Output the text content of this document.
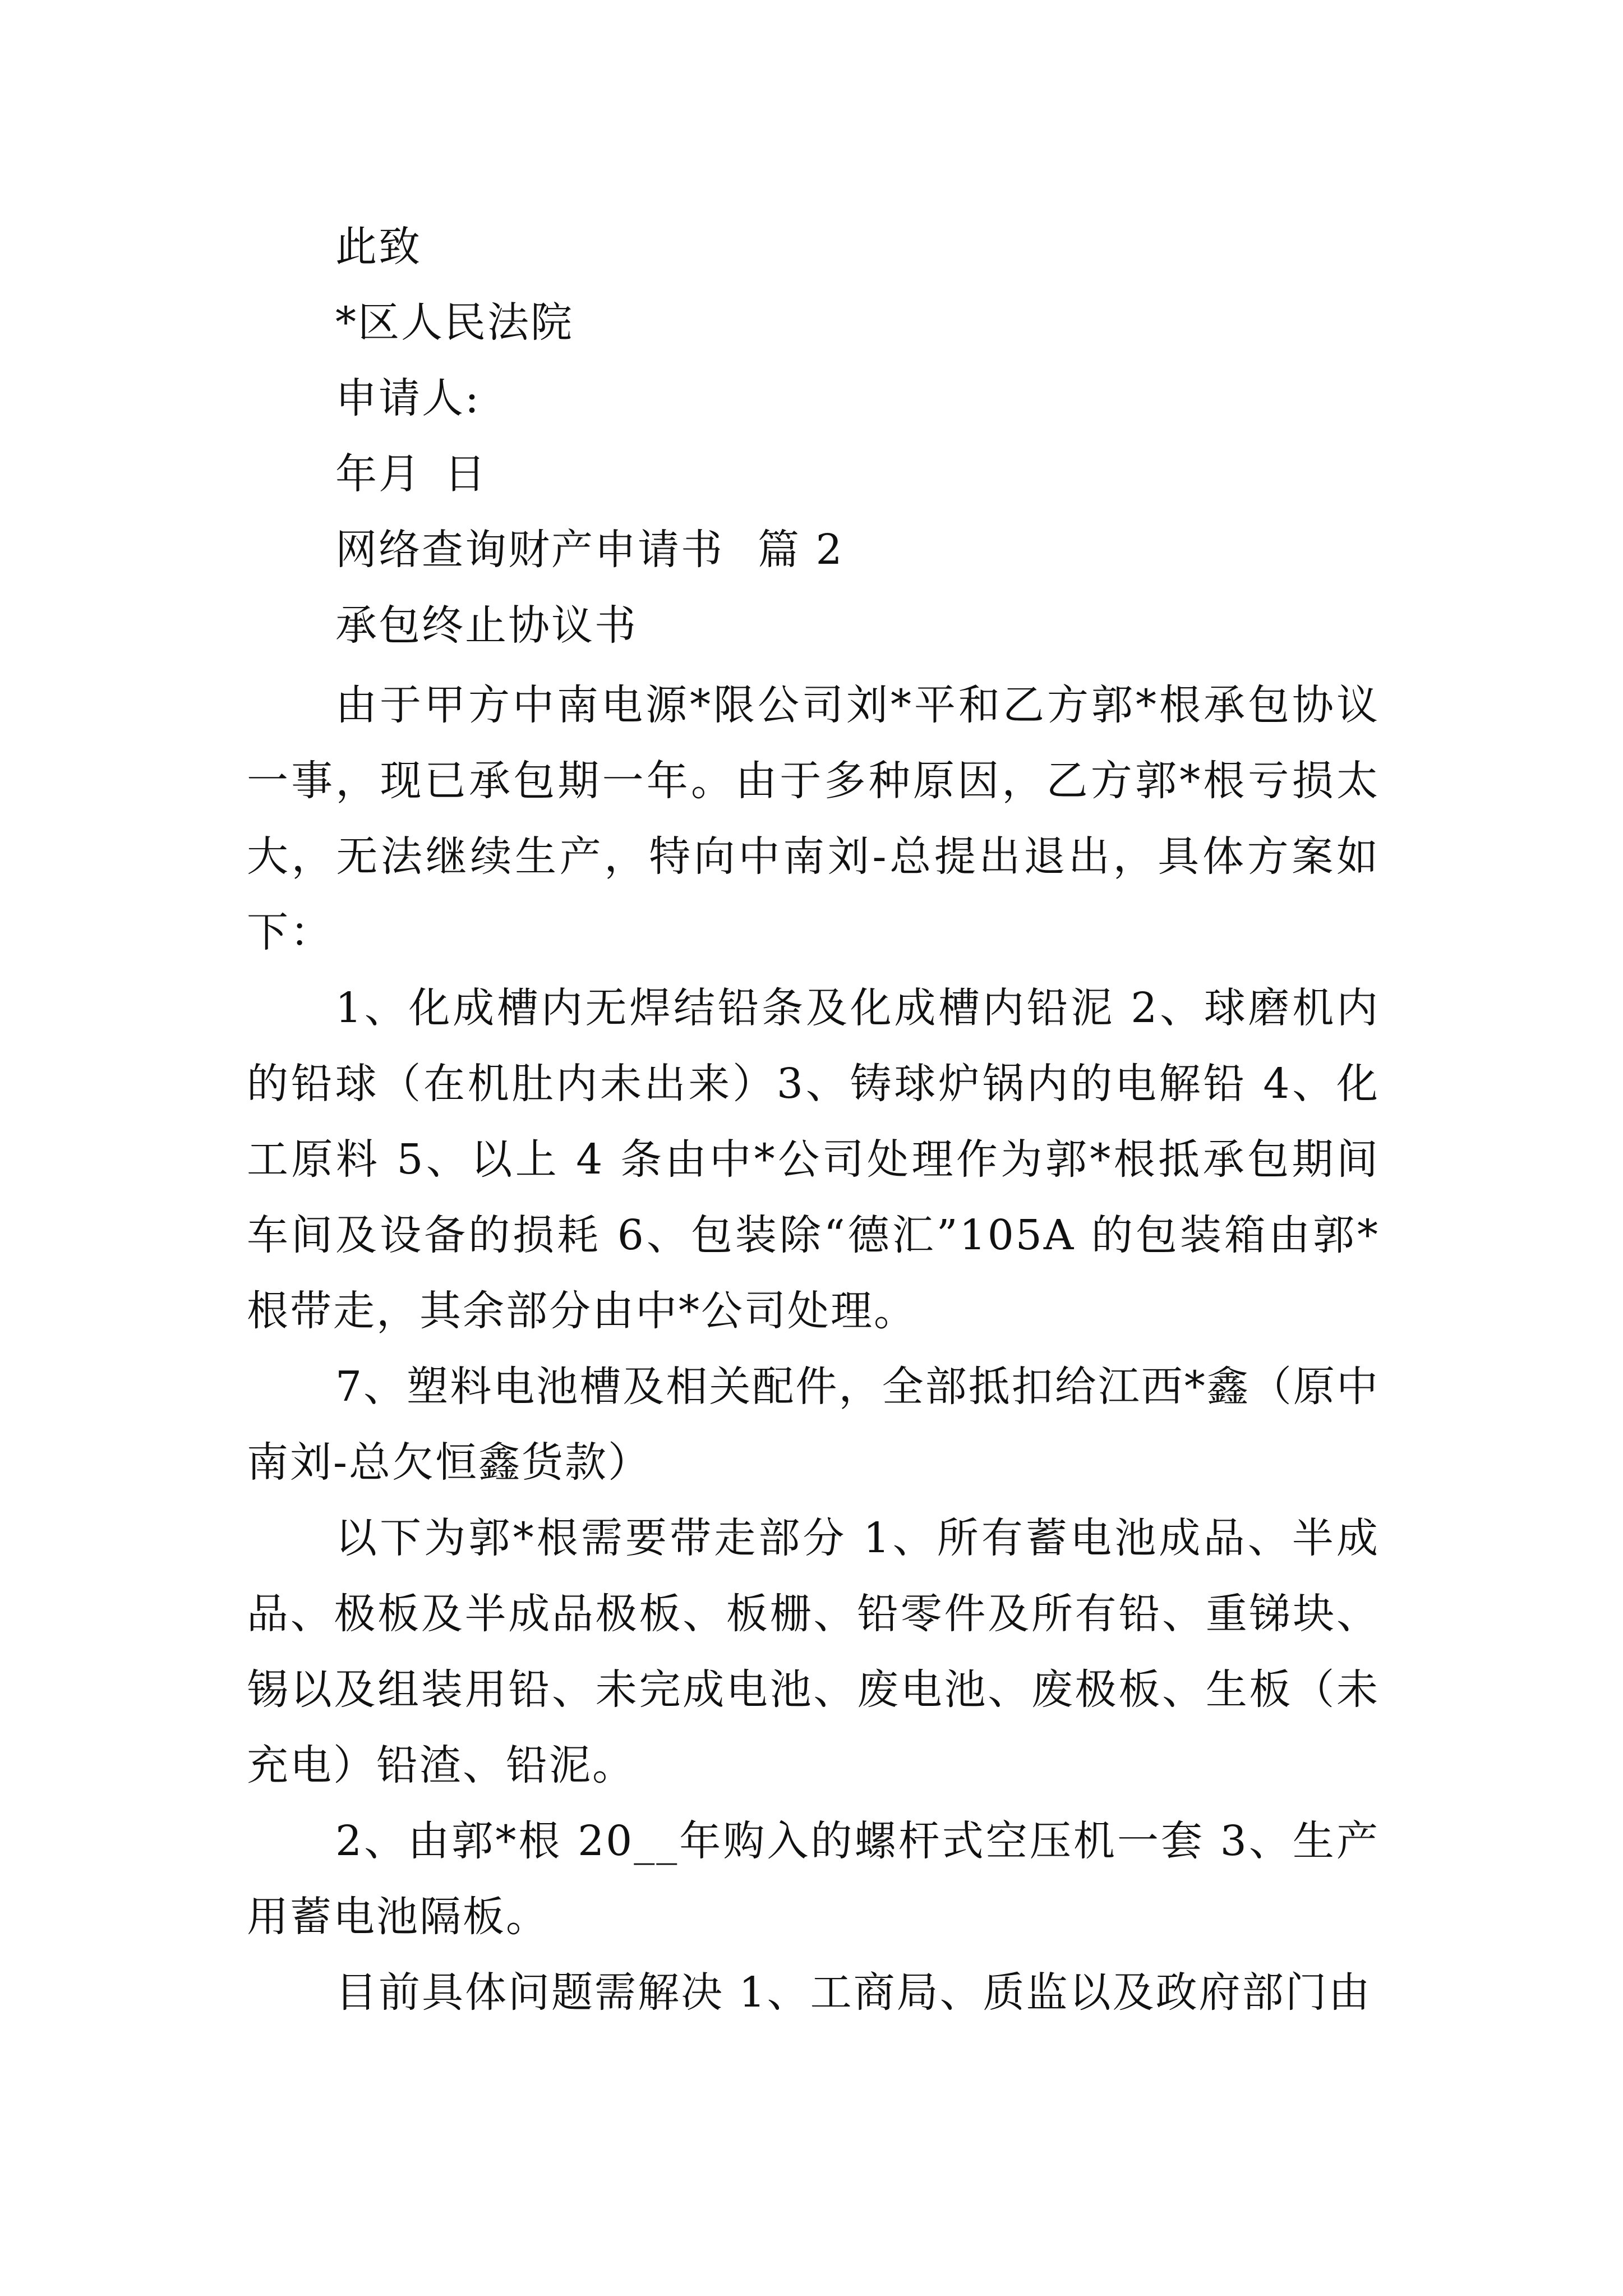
此致
*区人民法院
申请人:
年月 日
网络查询财产申请书 篇 2
承包终止协议书

由于甲方中南电源*限公司刘*平和乙方郭*根承包协议一事，现已承包期一年。由于多种原因，乙方郭*根亏损太大，无法继续生产，特向中南刘-总提出退出，具体方案如下：

1、化成槽内无焊结铅条及化成槽内铅泥 2、球磨机内的铅球（在机肚内未出来）3、铸球炉锅内的电解铅 4、化工原料 5、以上 4 条由中*公司处理作为郭*根抵承包期间车间及设备的损耗 6、包装除“德汇”105A 的包装箱由郭*根带走，其余部分由中*公司处理。

7、塑料电池槽及相关配件，全部抵扣给江西*鑫（原中南刘-总欠恒鑫货款）

以下为郭*根需要带走部分 1、所有蓄电池成品、半成品、极板及半成品极板、板栅、铅零件及所有铅、重锑块、锡以及组装用铅、未完成电池、废电池、废极板、生板（未充电）铅渣、铅泥。

2、由郭*根 20__年购入的螺杆式空压机一套 3、生产用蓄电池隔板。

目前具体问题需解决 1、工商局、质监以及政府部门由
